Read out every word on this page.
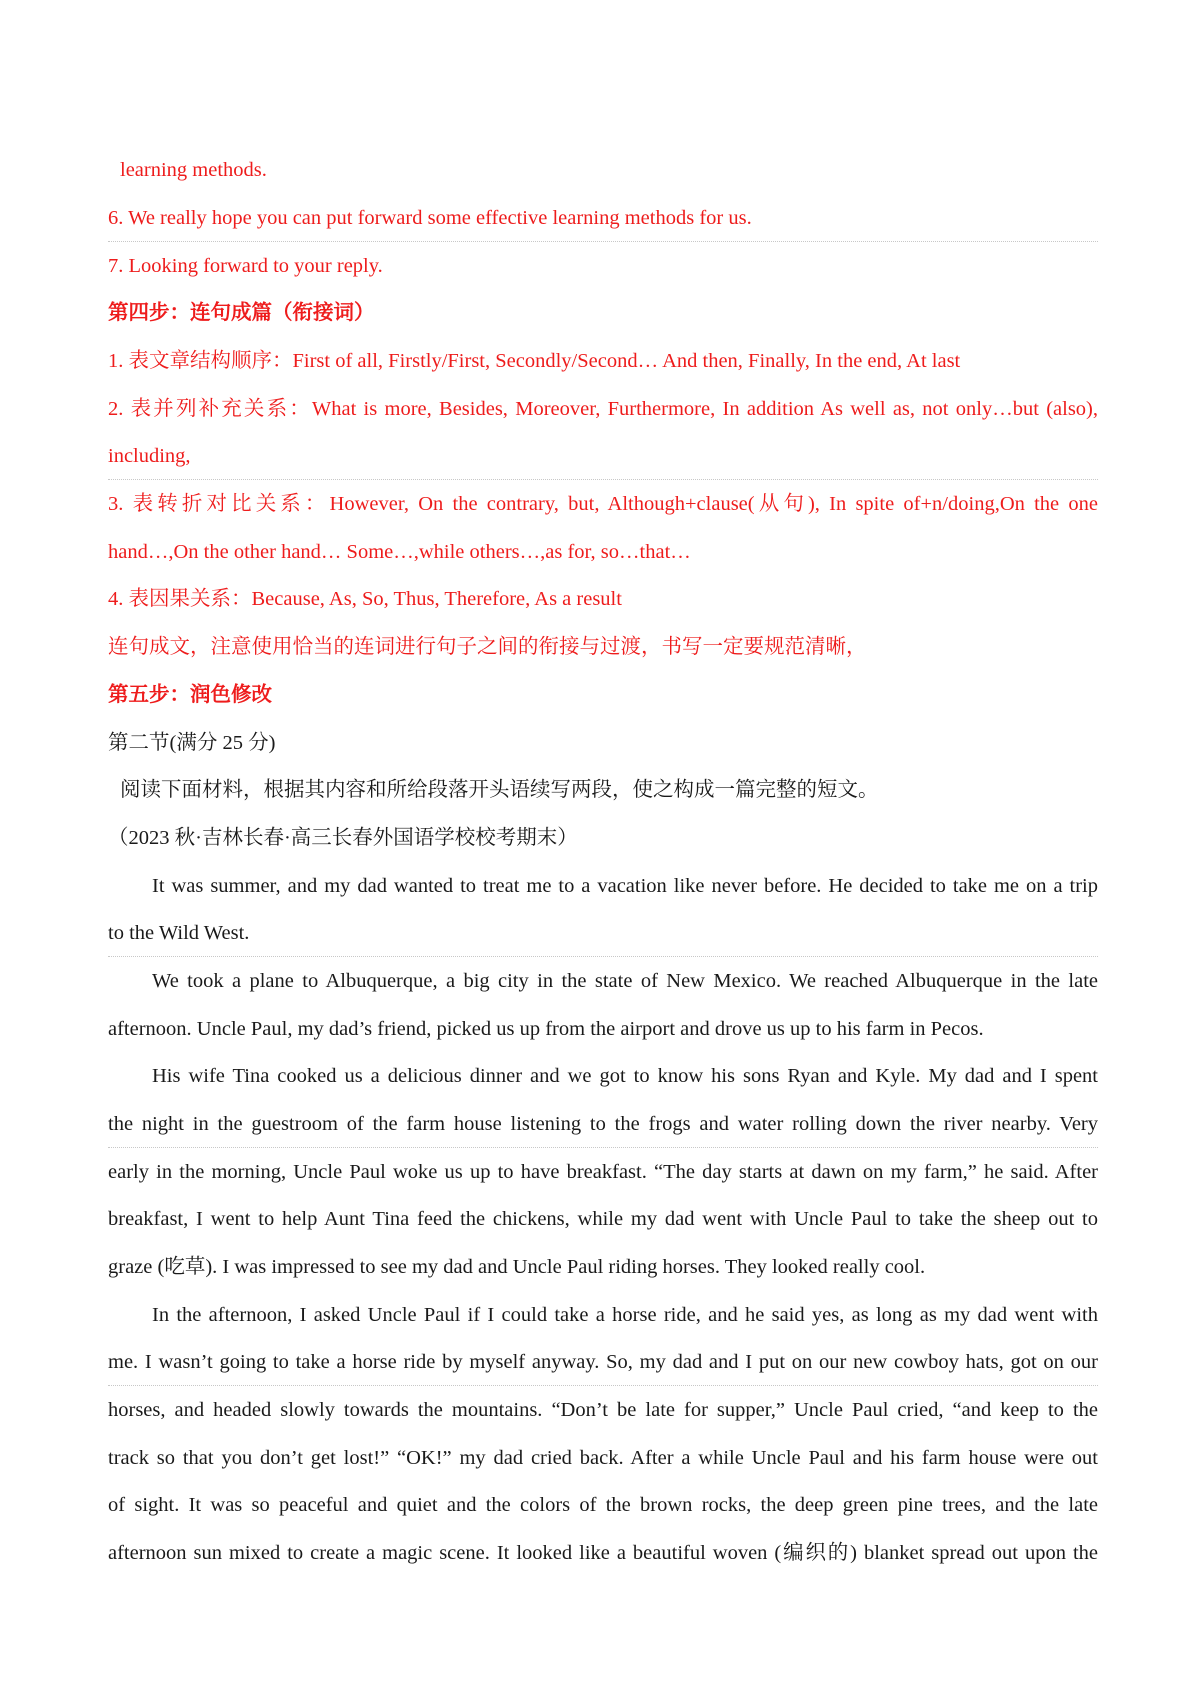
learning methods.
6. We really hope you can put forward some effective learning methods for us.
7. Looking forward to your reply.
第四步：连句成篇（衔接词）
1. 表文章结构顺序：First of all, Firstly/First, Secondly/Second… And then, Finally, In the end, At last
2. 表并列补充关系：What is more, Besides, Moreover, Furthermore, In addition As well as, not only…but (also),
including,
3. 表转折对比关系：However, On the contrary, but, Although+clause(从句), In spite of+n/doing,On the one
hand…,On the other hand… Some…,while others…,as for, so…that…
4. 表因果关系：Because, As, So, Thus, Therefore, As a result
连句成文，注意使用恰当的连词进行句子之间的衔接与过渡，书写一定要规范清晰，
第五步：润色修改
第二节(满分 25 分)
阅读下面材料，根据其内容和所给段落开头语续写两段，使之构成一篇完整的短文。
（2023 秋·吉林长春·高三长春外国语学校校考期末）
It was summer, and my dad wanted to treat me to a vacation like never before. He decided to take me on a trip
to the Wild West.
We took a plane to Albuquerque, a big city in the state of New Mexico. We reached Albuquerque in the late
afternoon. Uncle Paul, my dad’s friend, picked us up from the airport and drove us up to his farm in Pecos.
His wife Tina cooked us a delicious dinner and we got to know his sons Ryan and Kyle. My dad and I spent
the night in the guestroom of the farm house listening to the frogs and water rolling down the river nearby. Very
early in the morning, Uncle Paul woke us up to have breakfast. “The day starts at dawn on my farm,” he said. After
breakfast, I went to help Aunt Tina feed the chickens, while my dad went with Uncle Paul to take the sheep out to
graze (吃草). I was impressed to see my dad and Uncle Paul riding horses. They looked really cool.
In the afternoon, I asked Uncle Paul if I could take a horse ride, and he said yes, as long as my dad went with
me. I wasn’t going to take a horse ride by myself anyway. So, my dad and I put on our new cowboy hats, got on our
horses, and headed slowly towards the mountains. “Don’t be late for supper,” Uncle Paul cried, “and keep to the
track so that you don’t get lost!” “OK!” my dad cried back. After a while Uncle Paul and his farm house were out
of sight. It was so peaceful and quiet and the colors of the brown rocks, the deep green pine trees, and the late
afternoon sun mixed to create a magic scene. It looked like a beautiful woven (编织的) blanket spread out upon the
